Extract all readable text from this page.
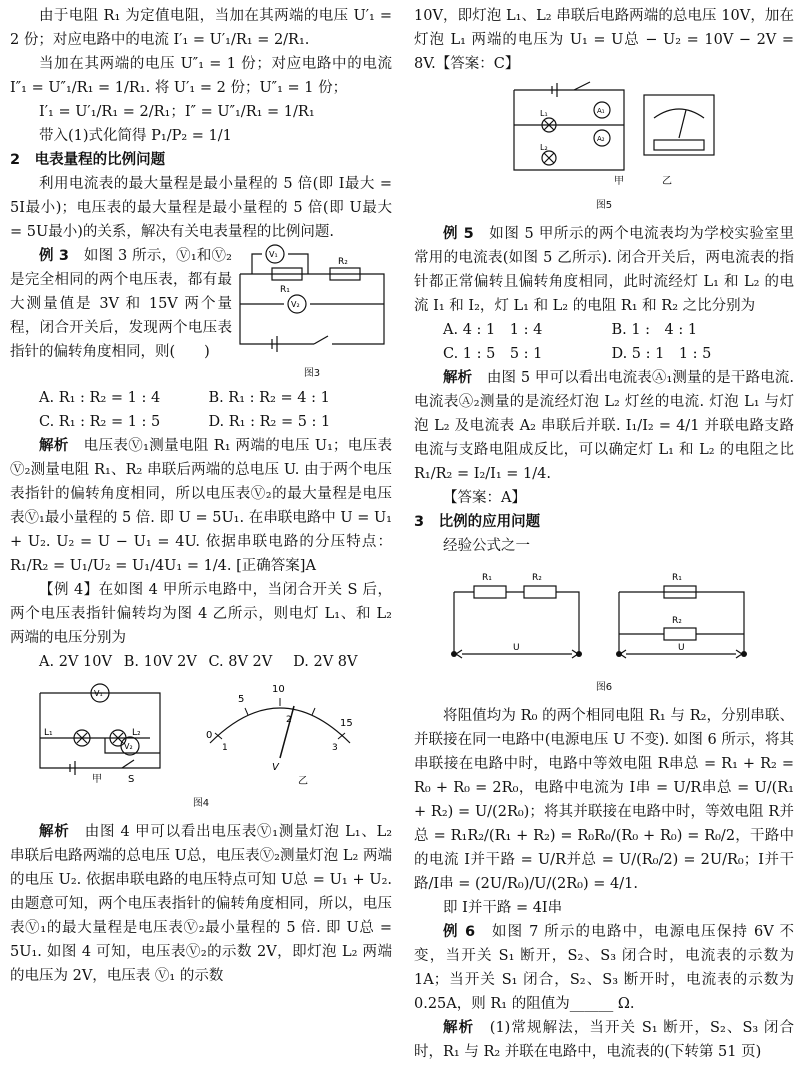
由于电阻 R₁ 为定值电阻，当加在其两端的电压 U′₁ = 2 份；对应电路中的电流 I′₁ = U′₁/R₁ = 2/R₁.

当加在其两端的电压 U″₁ = 1 份；对应电路中的电流 I″₁ = U″₁/R₁ = 1/R₁. 将 U′₁ = 2 份；U″₁ = 1 份；

I′₁ = U′₁/R₁ = 2/R₁；I″ = U″₁/R₁ = 1/R₁

带入(1)式化简得 P₁/P₂ = 1/1

2　电表量程的比例问题

利用电流表的最大量程是最小量程的 5 倍(即 I最大 = 5I最小)；电压表的最大量程是最小量程的 5 倍(即 U最大 = 5U最小)的关系，解决有关电表量程的比例问题.

例 3　 如图 3 所示，Ⓥ₁和Ⓥ₂是完全相同的两个电压表，都有最大测量值是 3V 和 15V 两个量程，闭合开关后，发现两个电压表指针的偏转角度相同，则(　　)

V₁
V₂
R₁
R₂
图3
A. R₁ : R₂ = 1 : 4	B. R₁ : R₂ = 4 : 1
C. R₁ : R₂ = 1 : 5	D. R₁ : R₂ = 5 : 1

解析　 电压表Ⓥ₁测量电阻 R₁ 两端的电压 U₁；电压表Ⓥ₂测量电阻 R₁、R₂ 串联后两端的总电压 U. 由于两个电压表指针的偏转角度相同，所以电压表Ⓥ₂的最大量程是电压表Ⓥ₁最小量程的 5 倍. 即 U = 5U₁. 在串联电路中 U = U₁ + U₂. U₂ = U − U₁ = 4U. 依据串联电路的分压特点：R₁/R₂ = U₁/U₂ = U₁/4U₁ = 1/4. [正确答案]A

【例 4】在如图 4 甲所示电路中，当闭合开关 S 后，两个电压表指针偏转均为图 4 乙所示，则电灯 L₁、和 L₂ 两端的电压分别为

A. 2V 10V B. 10V 2V C. 8V 2V	D. 2V 8V
L₁	L₂
V₁
V₂
S
甲
0
5
10
15
1
2
3
V
乙
图4

解析　 由图 4 甲可以看出电压表Ⓥ₁测量灯泡 L₁、L₂ 串联后电路两端的总电压 U总，电压表Ⓥ₂测量灯泡 L₂ 两端的电压 U₂. 依据串联电路的电压特点可知 U总 = U₁ + U₂. 由题意可知，两个电压表指针的偏转角度相同，所以，电压表Ⓥ₁的最大量程是电压表Ⓥ₂最小量程的 5 倍. 即 U总 = 5U₁. 如图 4 可知，电压表Ⓥ₂的示数 2V，即灯泡 L₂ 两端的电压为 2V，电压表 Ⓥ₁ 的示数

10V，即灯泡 L₁、L₂ 串联后电路两端的总电压 10V，加在灯泡 L₁ 两端的电压为 U₁ = U总 − U₂ = 10V − 2V = 8V.【答案：C】

A₁
A₂
L₁
L₂
甲	乙
图5

例 5　 如图 5 甲所示的两个电流表均为学校实验室里常用的电流表(如图 5 乙所示). 闭合开关后，两电流表的指针都正常偏转且偏转角度相同，此时流经灯 L₁ 和 L₂ 的电流 I₁ 和 I₂，灯 L₁ 和 L₂ 的电阻 R₁ 和 R₂ 之比分别为

A. 4 : 1　1 : 4	B. 1 :　4 : 1
C. 1 : 5　5 : 1	D. 5 : 1　1 : 5

解析　 由图 5 甲可以看出电流表Ⓐ₁测量的是干路电流. 电流表Ⓐ₂测量的是流经灯泡 L₂ 灯丝的电流. 灯泡 L₁ 与灯泡 L₂ 及电流表 A₂ 串联后并联. I₁/I₂ = 4/1 并联电路支路电流与支路电阻成反比，可以确定灯 L₁ 和 L₂ 的电阻之比 R₁/R₂ = I₂/I₁ = 1/4.

【答案：A】

3　比例的应用问题

经验公式之一

R₁	R₂	R₁
R₂
U	U
图6

将阻值均为 R₀ 的两个相同电阻 R₁ 与 R₂，分别串联、并联接在同一电路中(电源电压 U 不变). 如图 6 所示，将其串联接在电路中时，电路中等效电阻 R串总 = R₁ + R₂ = R₀ + R₀ = 2R₀，电路中电流为 I串 = U/R串总 = U/(R₁ + R₂) = U/(2R₀)；将其并联接在电路中时，等效电阻 R并总 = R₁R₂/(R₁ + R₂) = R₀R₀/(R₀ + R₀) = R₀/2，干路中的电流 I并干路 = U/R并总 = U/(R₀/2) = 2U/R₀；I并干路/I串 = (2U/R₀)/U/(2R₀) = 4/1.

即 I并干路 = 4I串

例 6　 如图 7 所示的电路中，电源电压保持 6V 不变，当开关 S₁ 断开，S₂、S₃ 闭合时，电流表的示数为 1A；当开关 S₁ 闭合，S₂、S₃ 断开时，电流表的示数为 0.25A，则 R₁ 的阻值为______ Ω.

解析　 (1)常规解法，当开关 S₁ 断开，S₂、S₃ 闭合时，R₁ 与 R₂ 并联在电路中，电流表的(下转第 51 页)
